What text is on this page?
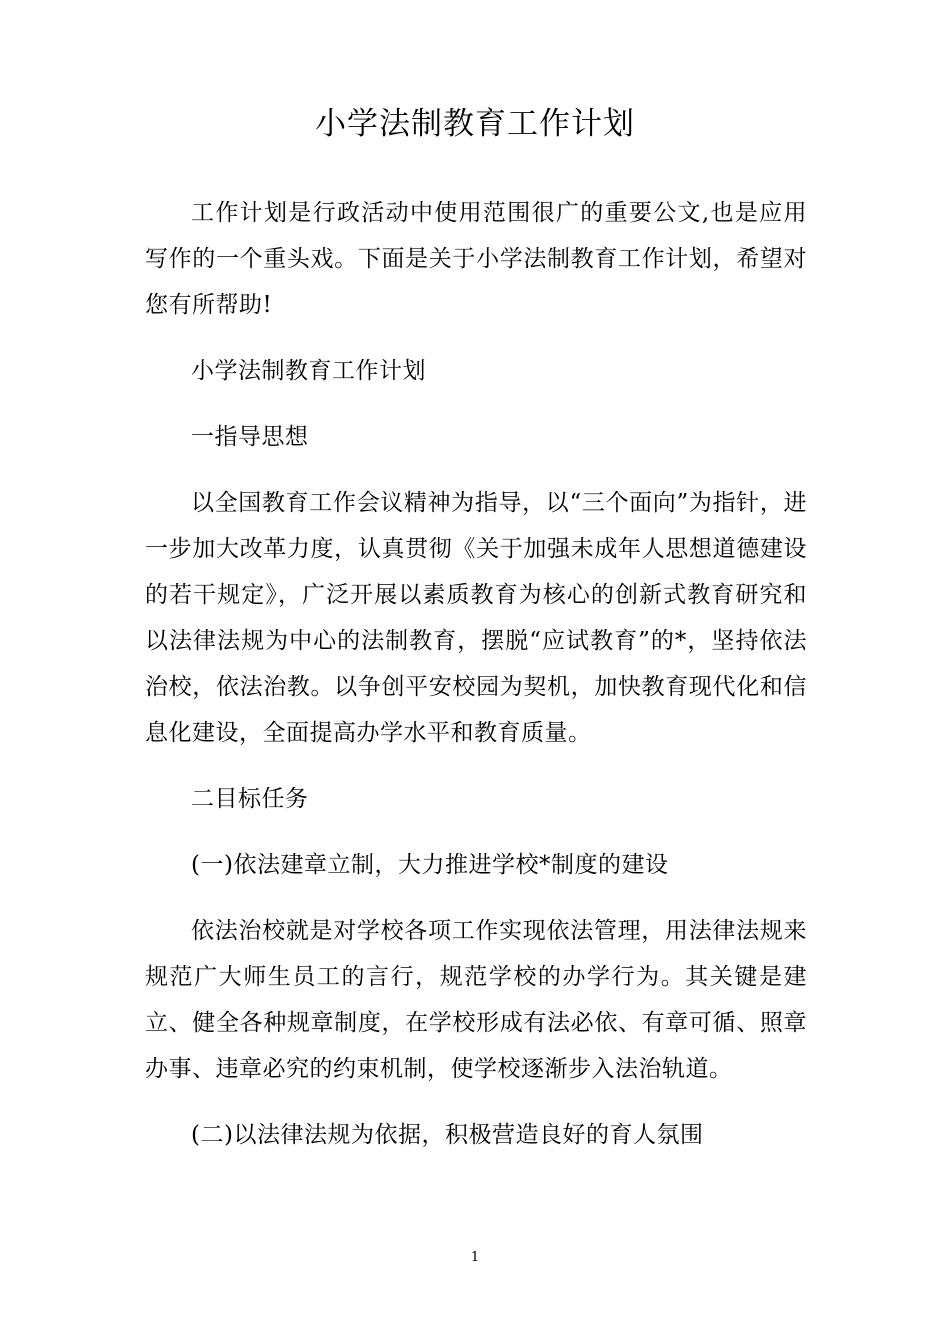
小学法制教育工作计划

工作计划是行政活动中使用范围很广的重要公文,也是应用写作的一个重头戏。下面是关于小学法制教育工作计划，希望对您有所帮助!

小学法制教育工作计划

一指导思想

以全国教育工作会议精神为指导，以“三个面向”为指针，进一步加大改革力度，认真贯彻《关于加强未成年人思想道德建设的若干规定》，广泛开展以素质教育为核心的创新式教育研究和以法律法规为中心的法制教育，摆脱“应试教育”的*，坚持依法治校，依法治教。以争创平安校园为契机，加快教育现代化和信息化建设，全面提高办学水平和教育质量。

二目标任务

(一)依法建章立制，大力推进学校*制度的建设

依法治校就是对学校各项工作实现依法管理，用法律法规来规范广大师生员工的言行，规范学校的办学行为。其关键是建立、健全各种规章制度，在学校形成有法必依、有章可循、照章办事、违章必究的约束机制，使学校逐渐步入法治轨道。

(二)以法律法规为依据，积极营造良好的育人氛围

1
